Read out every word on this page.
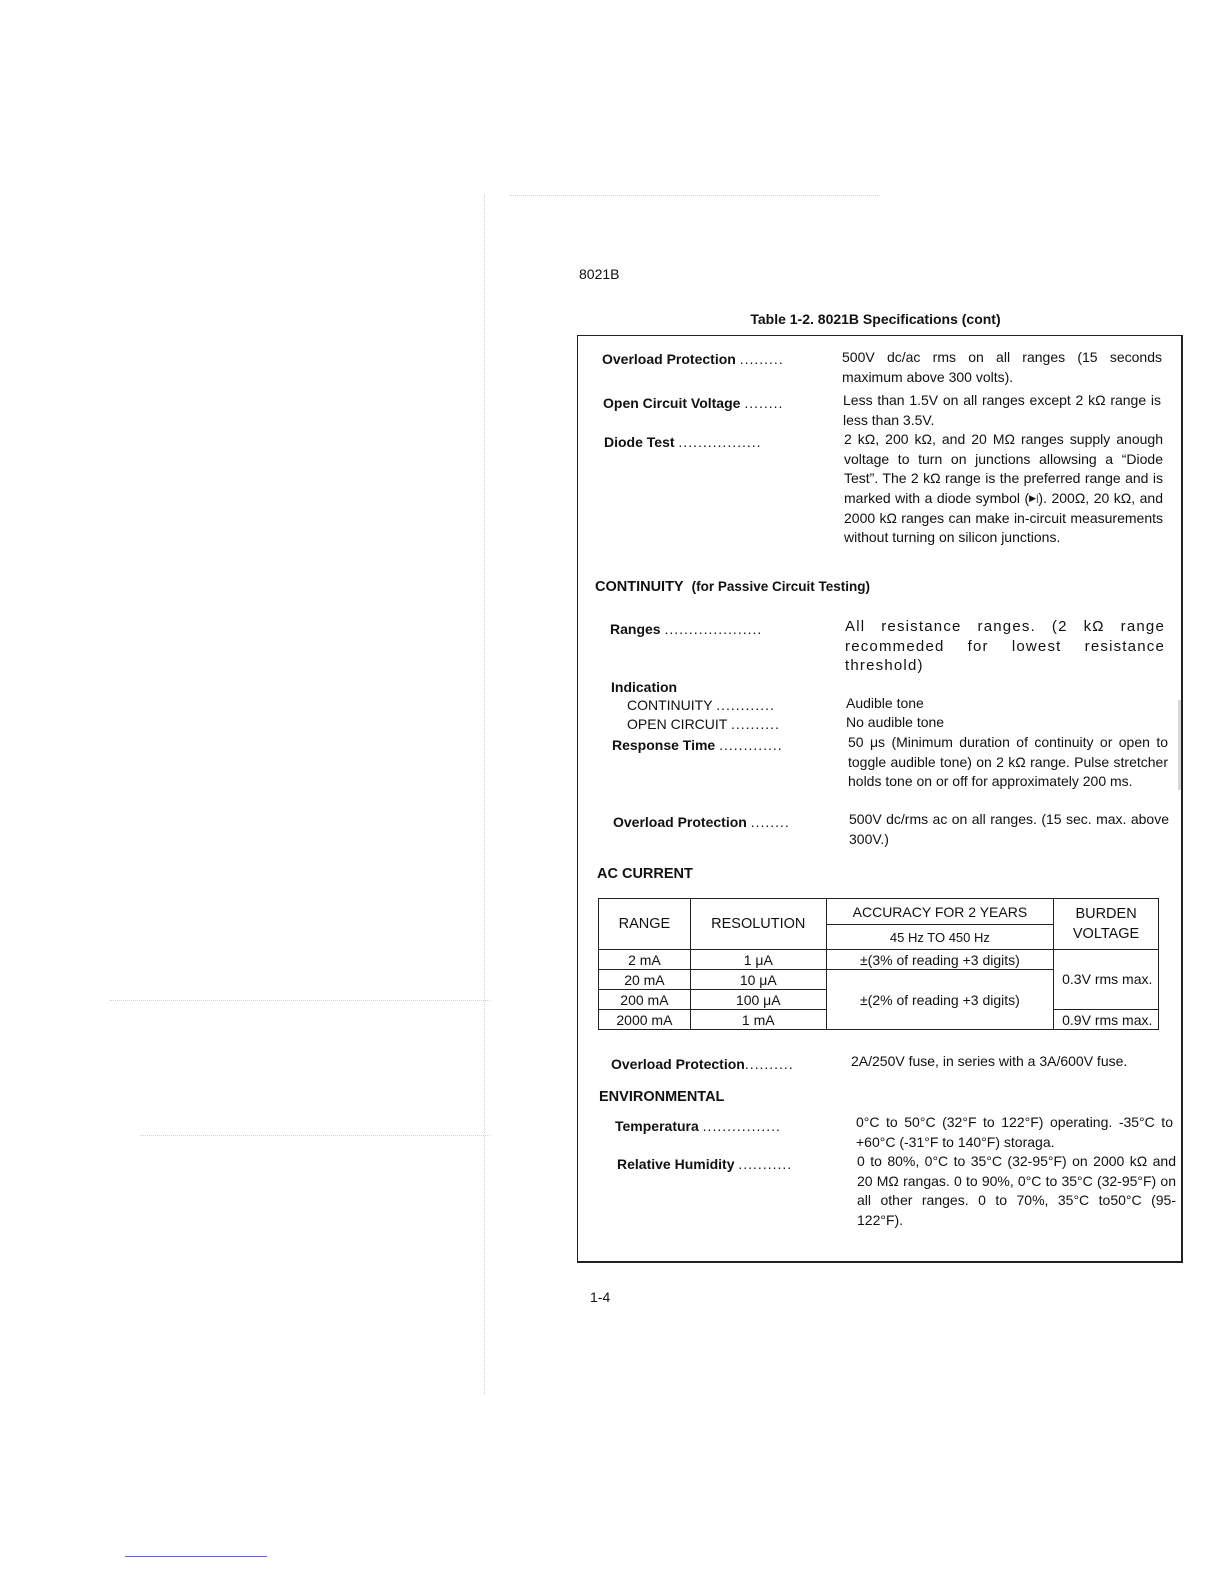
8021B
Table 1-2. 8021B Specifications (cont)
Overload Protection .........	500V dc/ac rms on all ranges (15 seconds maximum above 300 volts).
Open Circuit Voltage ........	Less than 1.5V on all ranges except 2 kΩ range is less than 3.5V.
Diode Test .................	2 kΩ, 200 kΩ, and 20 MΩ ranges supply anough voltage to turn on junctions allowsing a “Diode Test”. The 2 kΩ range is the preferred range and is marked with a diode symbol (▶|). 200Ω, 20 kΩ, and 2000 kΩ ranges can make in-circuit measurements without turning on silicon junctions.
CONTINUITY (for Passive Circuit Testing)
Ranges ....................	All resistance ranges. (2 kΩ range recommeded for lowest resistance threshold)
Indication
CONTINUITY ............	Audible tone
OPEN CIRCUIT ..........	No audible tone
Response Time .............	50 μs (Minimum duration of continuity or open to toggle audible tone) on 2 kΩ range. Pulse stretcher holds tone on or off for approximately 200 ms.
Overload Protection ........	500V dc/rms ac on all ranges. (15 sec. max. above 300V.)
AC CURRENT
RANGE	RESOLUTION	ACCURACY FOR 2 YEARS	BURDEN VOLTAGE
		45 Hz TO 450 Hz	
2 mA	1 μA	±(3% of reading +3 digits)	0.3V rms max.
20 mA	10 μA	±(2% of reading +3 digits)	
200 mA	100 μA		
2000 mA	1 mA		0.9V rms max.
Overload Protection..........	2A/250V fuse, in series with a 3A/600V fuse.
ENVIRONMENTAL
Temperatura ................	0°C to 50°C (32°F to 122°F) operating. -35°C to +60°C (-31°F to 140°F) storaga.
Relative Humidity ...........	0 to 80%, 0°C to 35°C (32-95°F) on 2000 kΩ and 20 MΩ rangas. 0 to 90%, 0°C to 35°C (32-95°F) on all other ranges. 0 to 70%, 35°C to50°C (95-122°F).
1-4
